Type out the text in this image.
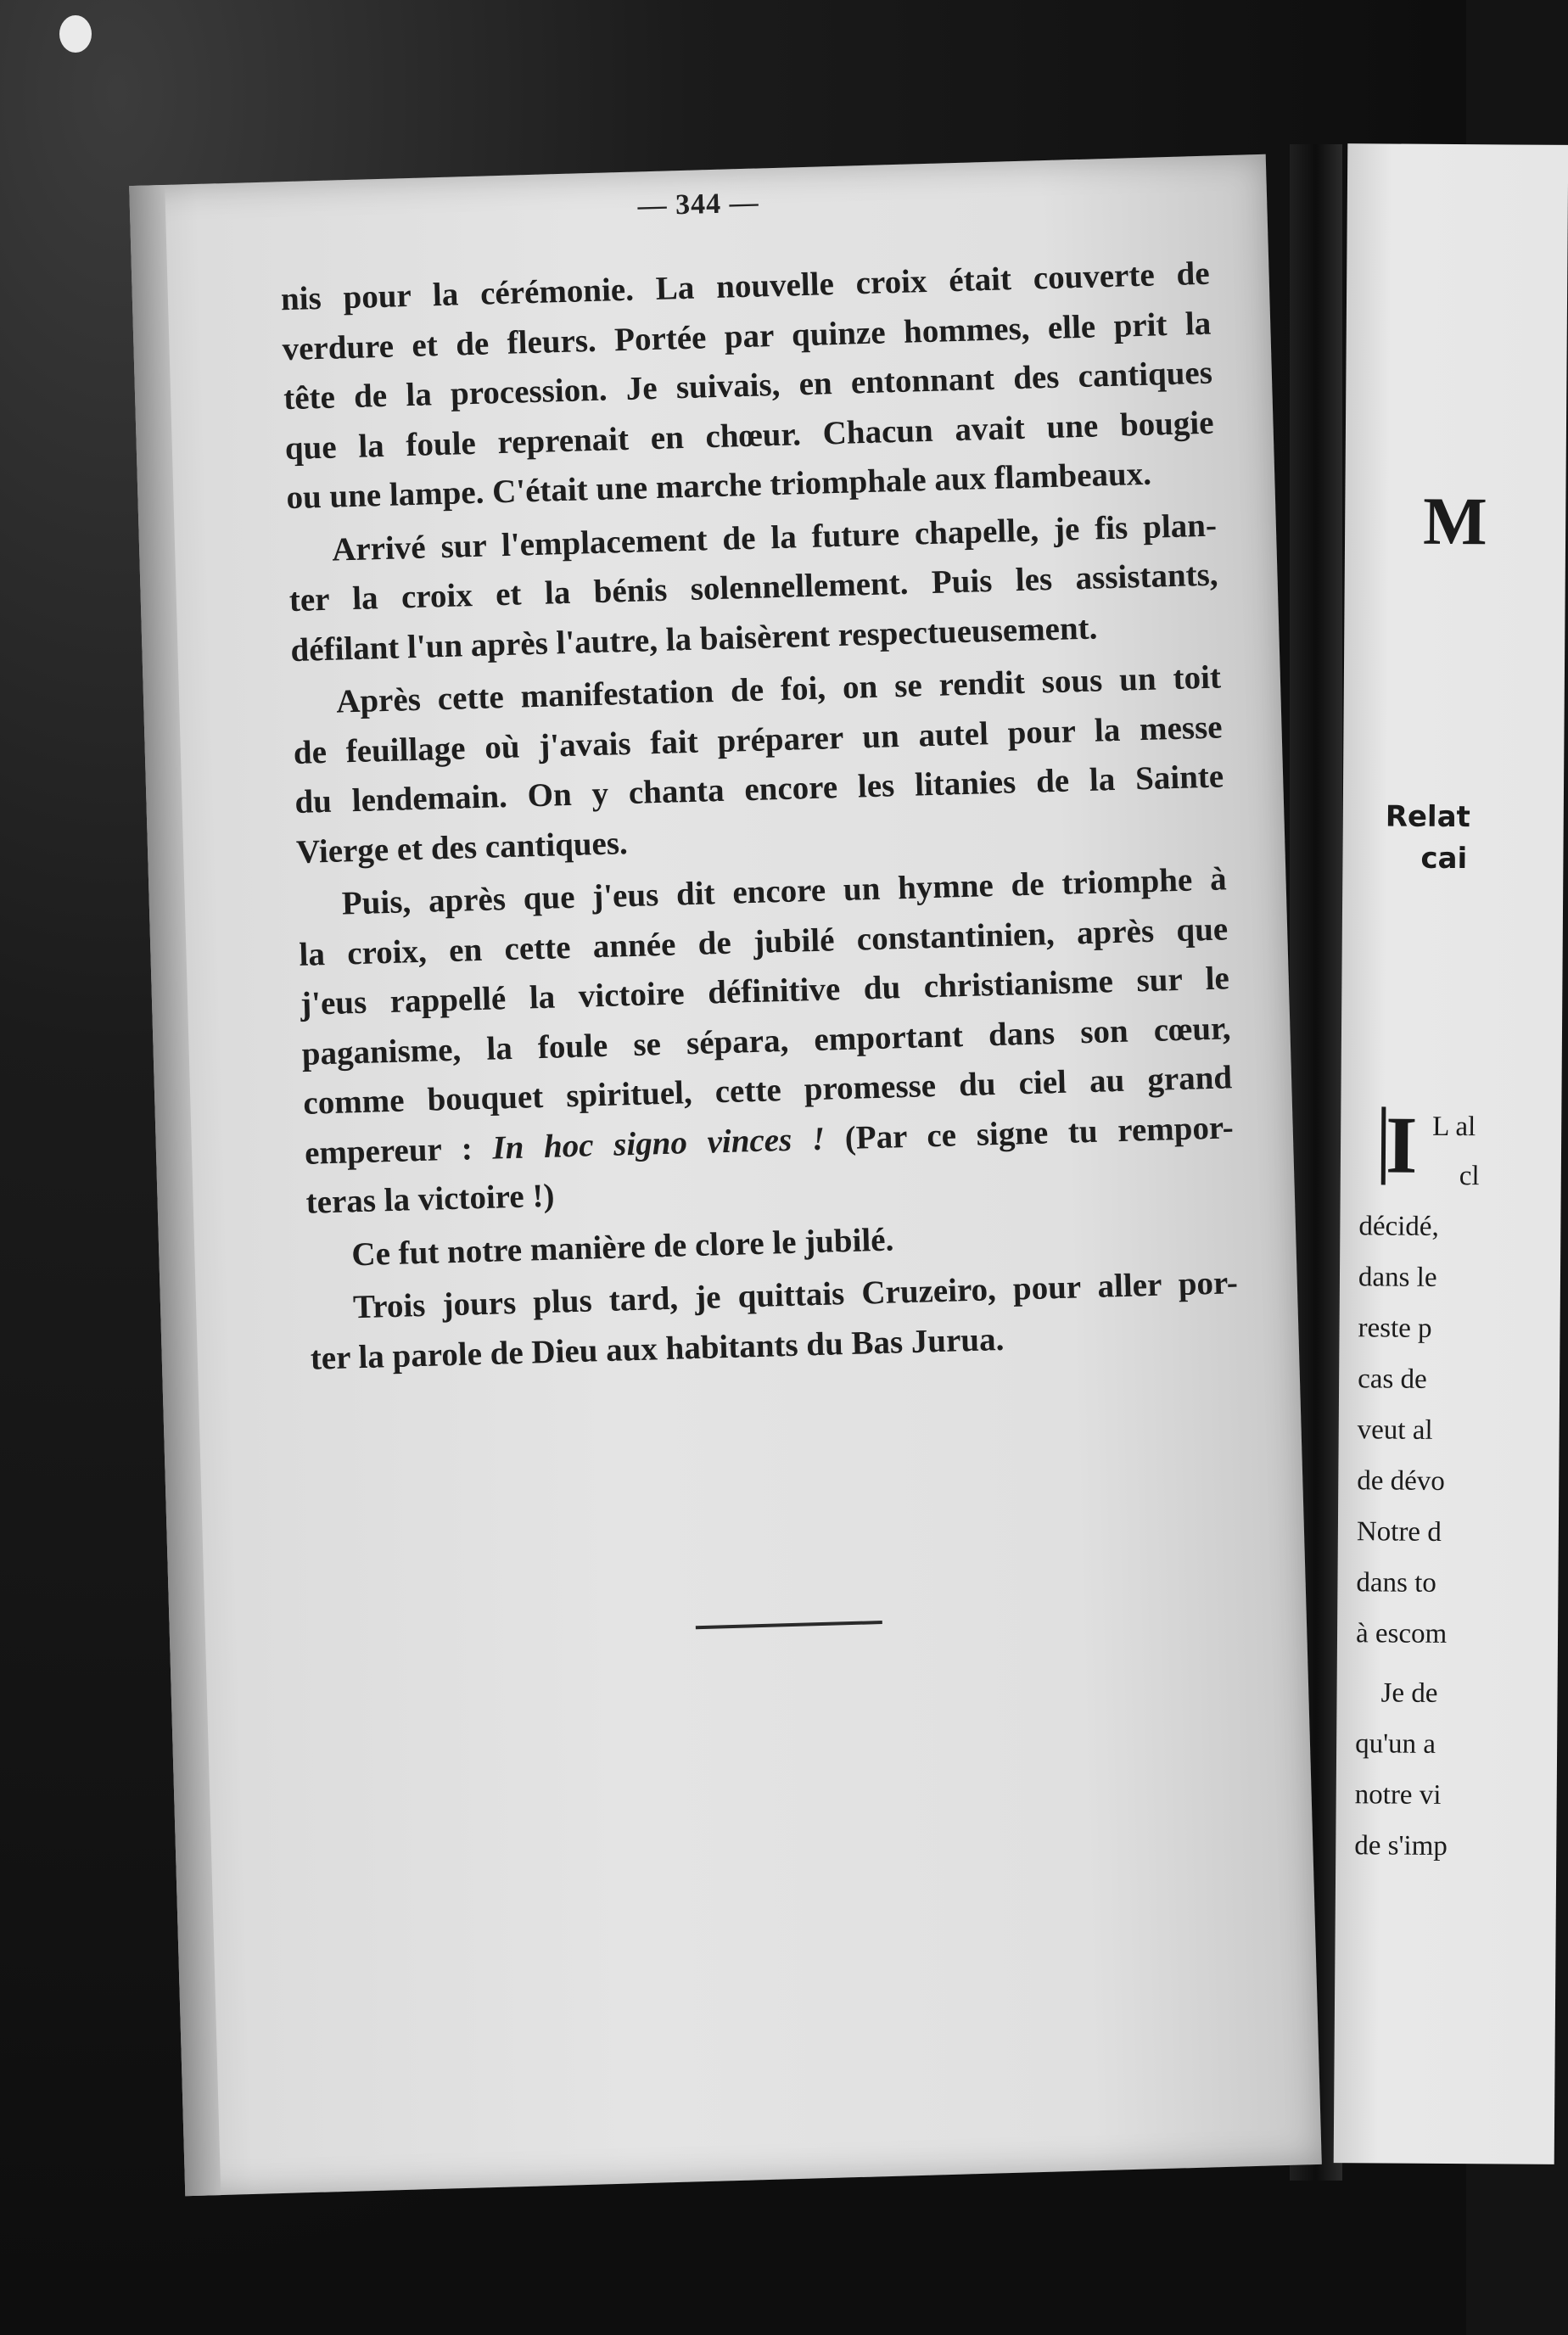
M
Relat
cai
I L al
cl
décidé,
dans le
reste p
cas de
veut al
de dévo
Notre d
dans to
à escom
Je de
qu'un a
notre vi
de s'imp
— 344 —
nis pour la cérémonie. La nouvelle croix était couverte de
verdure et de fleurs. Portée par quinze hommes, elle prit la
tête de la procession. Je suivais, en entonnant des cantiques
que la foule reprenait en chœur. Chacun avait une bougie
ou une lampe. C'était une marche triomphale aux flambeaux.
Arrivé sur l'emplacement de la future chapelle, je fis plan-
ter la croix et la bénis solennellement. Puis les assistants,
défilant l'un après l'autre, la baisèrent respectueusement.
Après cette manifestation de foi, on se rendit sous un toit
de feuillage où j'avais fait préparer un autel pour la messe
du lendemain. On y chanta encore les litanies de la Sainte
Vierge et des cantiques.
Puis, après que j'eus dit encore un hymne de triomphe à
la croix, en cette année de jubilé constantinien, après que
j'eus rappellé la victoire définitive du christianisme sur le
paganisme, la foule se sépara, emportant dans son cœur,
comme bouquet spirituel, cette promesse du ciel au grand
empereur : In hoc signo vinces ! (Par ce signe tu rempor-
teras la victoire !)
Ce fut notre manière de clore le jubilé.
Trois jours plus tard, je quittais Cruzeiro, pour aller por-
ter la parole de Dieu aux habitants du Bas Jurua.
